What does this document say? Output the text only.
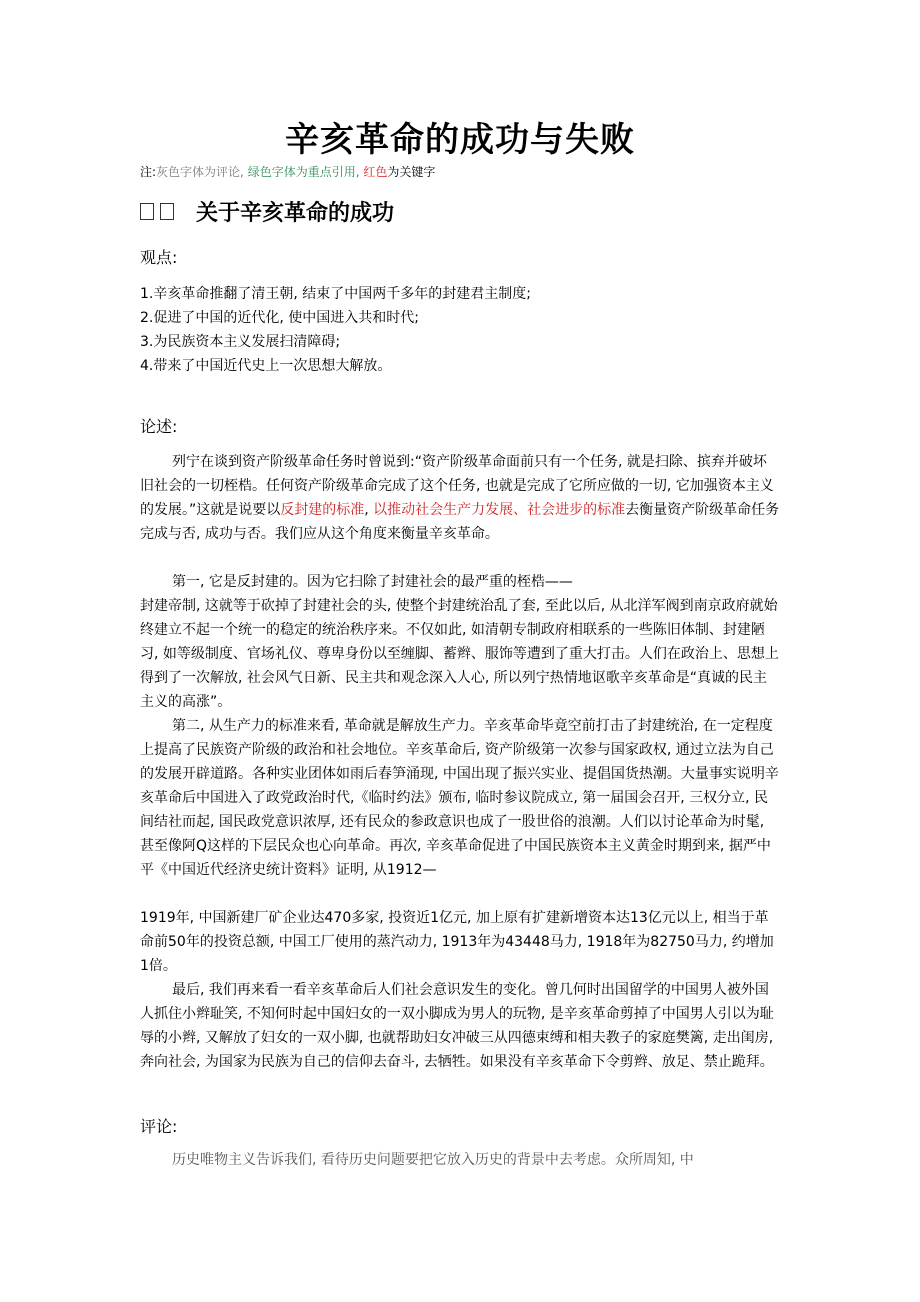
辛亥革命的成功与失败
注:灰色字体为评论, 绿色字体为重点引用, 红色为关键字
关于辛亥革命的成功
观点:
1.辛亥革命推翻了清王朝, 结束了中国两千多年的封建君主制度;
2.促进了中国的近代化, 使中国进入共和时代;
3.为民族资本主义发展扫清障碍;
4.带来了中国近代史上一次思想大解放。
论述:

列宁在谈到资产阶级革命任务时曾说到:“资产阶级革命面前只有一个任务, 就是扫除、摈弃并破坏旧社会的一切桎梏。任何资产阶级革命完成了这个任务, 也就是完成了它所应做的一切, 它加强资本主义的发展。”这就是说要以反封建的标准, 以推动社会生产力发展、社会进步的标准去衡量资产阶级革命任务完成与否, 成功与否。我们应从这个角度来衡量辛亥革命。

第一, 它是反封建的。因为它扫除了封建社会的最严重的桎梏——

封建帝制, 这就等于砍掉了封建社会的头, 使整个封建统治乱了套, 至此以后, 从北洋军阀到南京政府就始终建立不起一个统一的稳定的统治秩序来。不仅如此, 如清朝专制政府相联系的一些陈旧体制、封建陋习, 如等级制度、官场礼仪、尊卑身份以至缠脚、蓄辫、服饰等遭到了重大打击。人们在政治上、思想上得到了一次解放, 社会风气日新、民主共和观念深入人心, 所以列宁热情地讴歌辛亥革命是“真诚的民主主义的高涨”。

第二, 从生产力的标准来看, 革命就是解放生产力。辛亥革命毕竟空前打击了封建统治, 在一定程度上提高了民族资产阶级的政治和社会地位。辛亥革命后, 资产阶级第一次参与国家政权, 通过立法为自己的发展开辟道路。各种实业团体如雨后春笋涌现, 中国出现了振兴实业、提倡国货热潮。大量事实说明辛亥革命后中国进入了政党政治时代,《临时约法》颁布, 临时参议院成立, 第一届国会召开, 三权分立, 民间结社而起, 国民政党意识浓厚, 还有民众的参政意识也成了一股世俗的浪潮。人们以讨论革命为时髦, 甚至像阿Q这样的下层民众也心向革命。再次, 辛亥革命促进了中国民族资本主义黄金时期到来, 据严中平《中国近代经济史统计资料》证明, 从1912—

1919年, 中国新建厂矿企业达470多家, 投资近1亿元, 加上原有扩建新增资本达13亿元以上, 相当于革命前50年的投资总额, 中国工厂使用的蒸汽动力, 1913年为43448马力, 1918年为82750马力, 约增加1倍。

最后, 我们再来看一看辛亥革命后人们社会意识发生的变化。曾几何时出国留学的中国男人被外国人抓住小辫耻笑, 不知何时起中国妇女的一双小脚成为男人的玩物, 是辛亥革命剪掉了中国男人引以为耻辱的小辫, 又解放了妇女的一双小脚, 也就帮助妇女冲破三从四德束缚和相夫教子的家庭樊篱, 走出闺房, 奔向社会, 为国家为民族为自己的信仰去奋斗, 去牺牲。如果没有辛亥革命下令剪辫、放足、禁止跪拜。

评论:

历史唯物主义告诉我们, 看待历史问题要把它放入历史的背景中去考虑。众所周知, 中
